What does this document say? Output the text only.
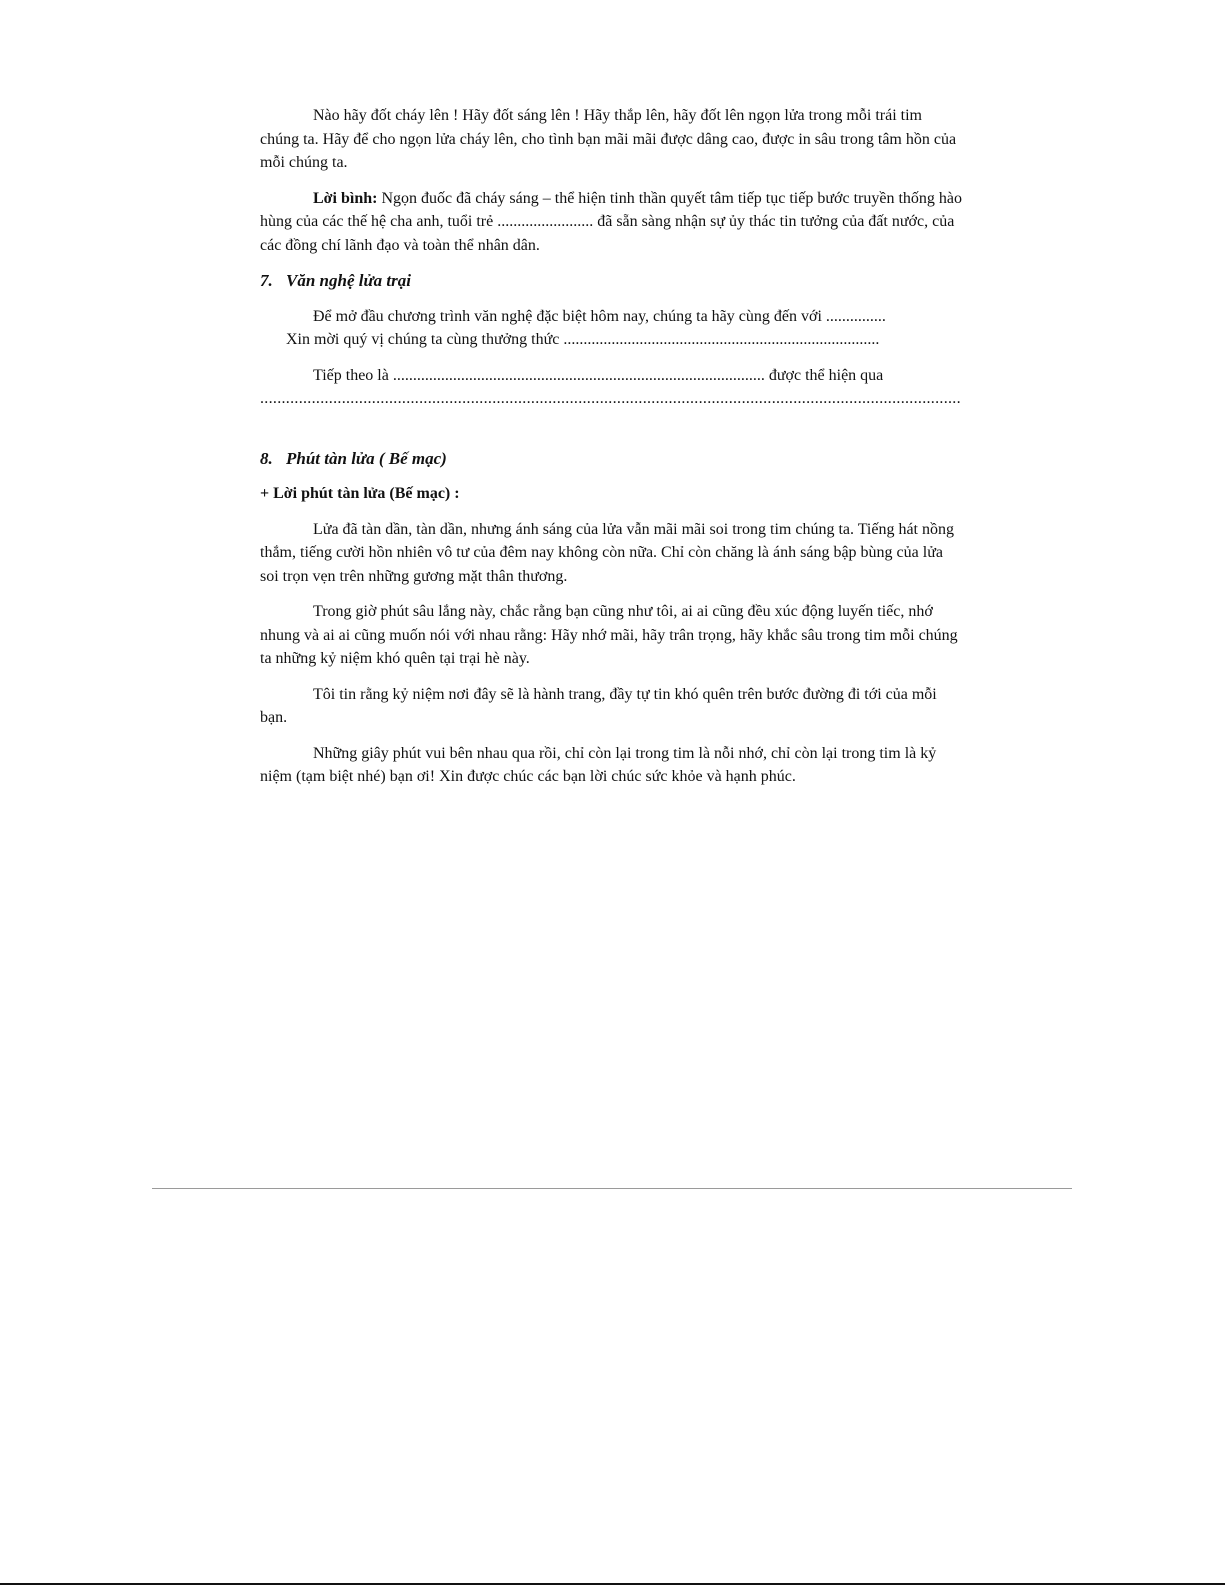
Nào hãy đốt cháy lên ! Hãy đốt sáng lên ! Hãy thắp lên, hãy đốt lên ngọn lửa trong mỗi trái tim chúng ta. Hãy để cho ngọn lửa cháy lên, cho tình bạn mãi mãi được dâng cao, được in sâu trong tâm hồn của mỗi chúng ta.

Lời bình: Ngọn đuốc đã cháy sáng – thể hiện tinh thần quyết tâm tiếp tục tiếp bước truyền thống hào hùng của các thế hệ cha anh, tuổi trẻ ........................ đã sẵn sàng nhận sự ủy thác tin tưởng của đất nước, của các đồng chí lãnh đạo và toàn thể nhân dân.

7. Văn nghệ lửa trại

Để mở đầu chương trình văn nghệ đặc biệt hôm nay, chúng ta hãy cùng đến với ...............

Xin mời quý vị chúng ta cùng thưởng thức ...............................................................................

Tiếp theo là ............................................................................................. được thể hiện qua

...................................................................................................................................................................

8. Phút tàn lửa ( Bế mạc)

+ Lời phút tàn lửa (Bế mạc) :

Lửa đã tàn dần, tàn dần, nhưng ánh sáng của lửa vẫn mãi mãi soi trong tim chúng ta. Tiếng hát nồng thắm, tiếng cười hồn nhiên vô tư của đêm nay không còn nữa. Chỉ còn chăng là ánh sáng bập bùng của lửa soi trọn vẹn trên những gương mặt thân thương.

Trong giờ phút sâu lắng này, chắc rằng bạn cũng như tôi, ai ai cũng đều xúc động luyến tiếc, nhớ nhung và ai ai cũng muốn nói với nhau rằng: Hãy nhớ mãi, hãy trân trọng, hãy khắc sâu trong tim mỗi chúng ta những kỷ niệm khó quên tại trại hè này.

Tôi tin rằng kỷ niệm nơi đây sẽ là hành trang, đầy tự tin khó quên trên bước đường đi tới của mỗi bạn.

Những giây phút vui bên nhau qua rồi, chỉ còn lại trong tim là nỗi nhớ, chỉ còn lại trong tim là kỷ niệm (tạm biệt nhé) bạn ơi! Xin được chúc các bạn lời chúc sức khỏe và hạnh phúc.
